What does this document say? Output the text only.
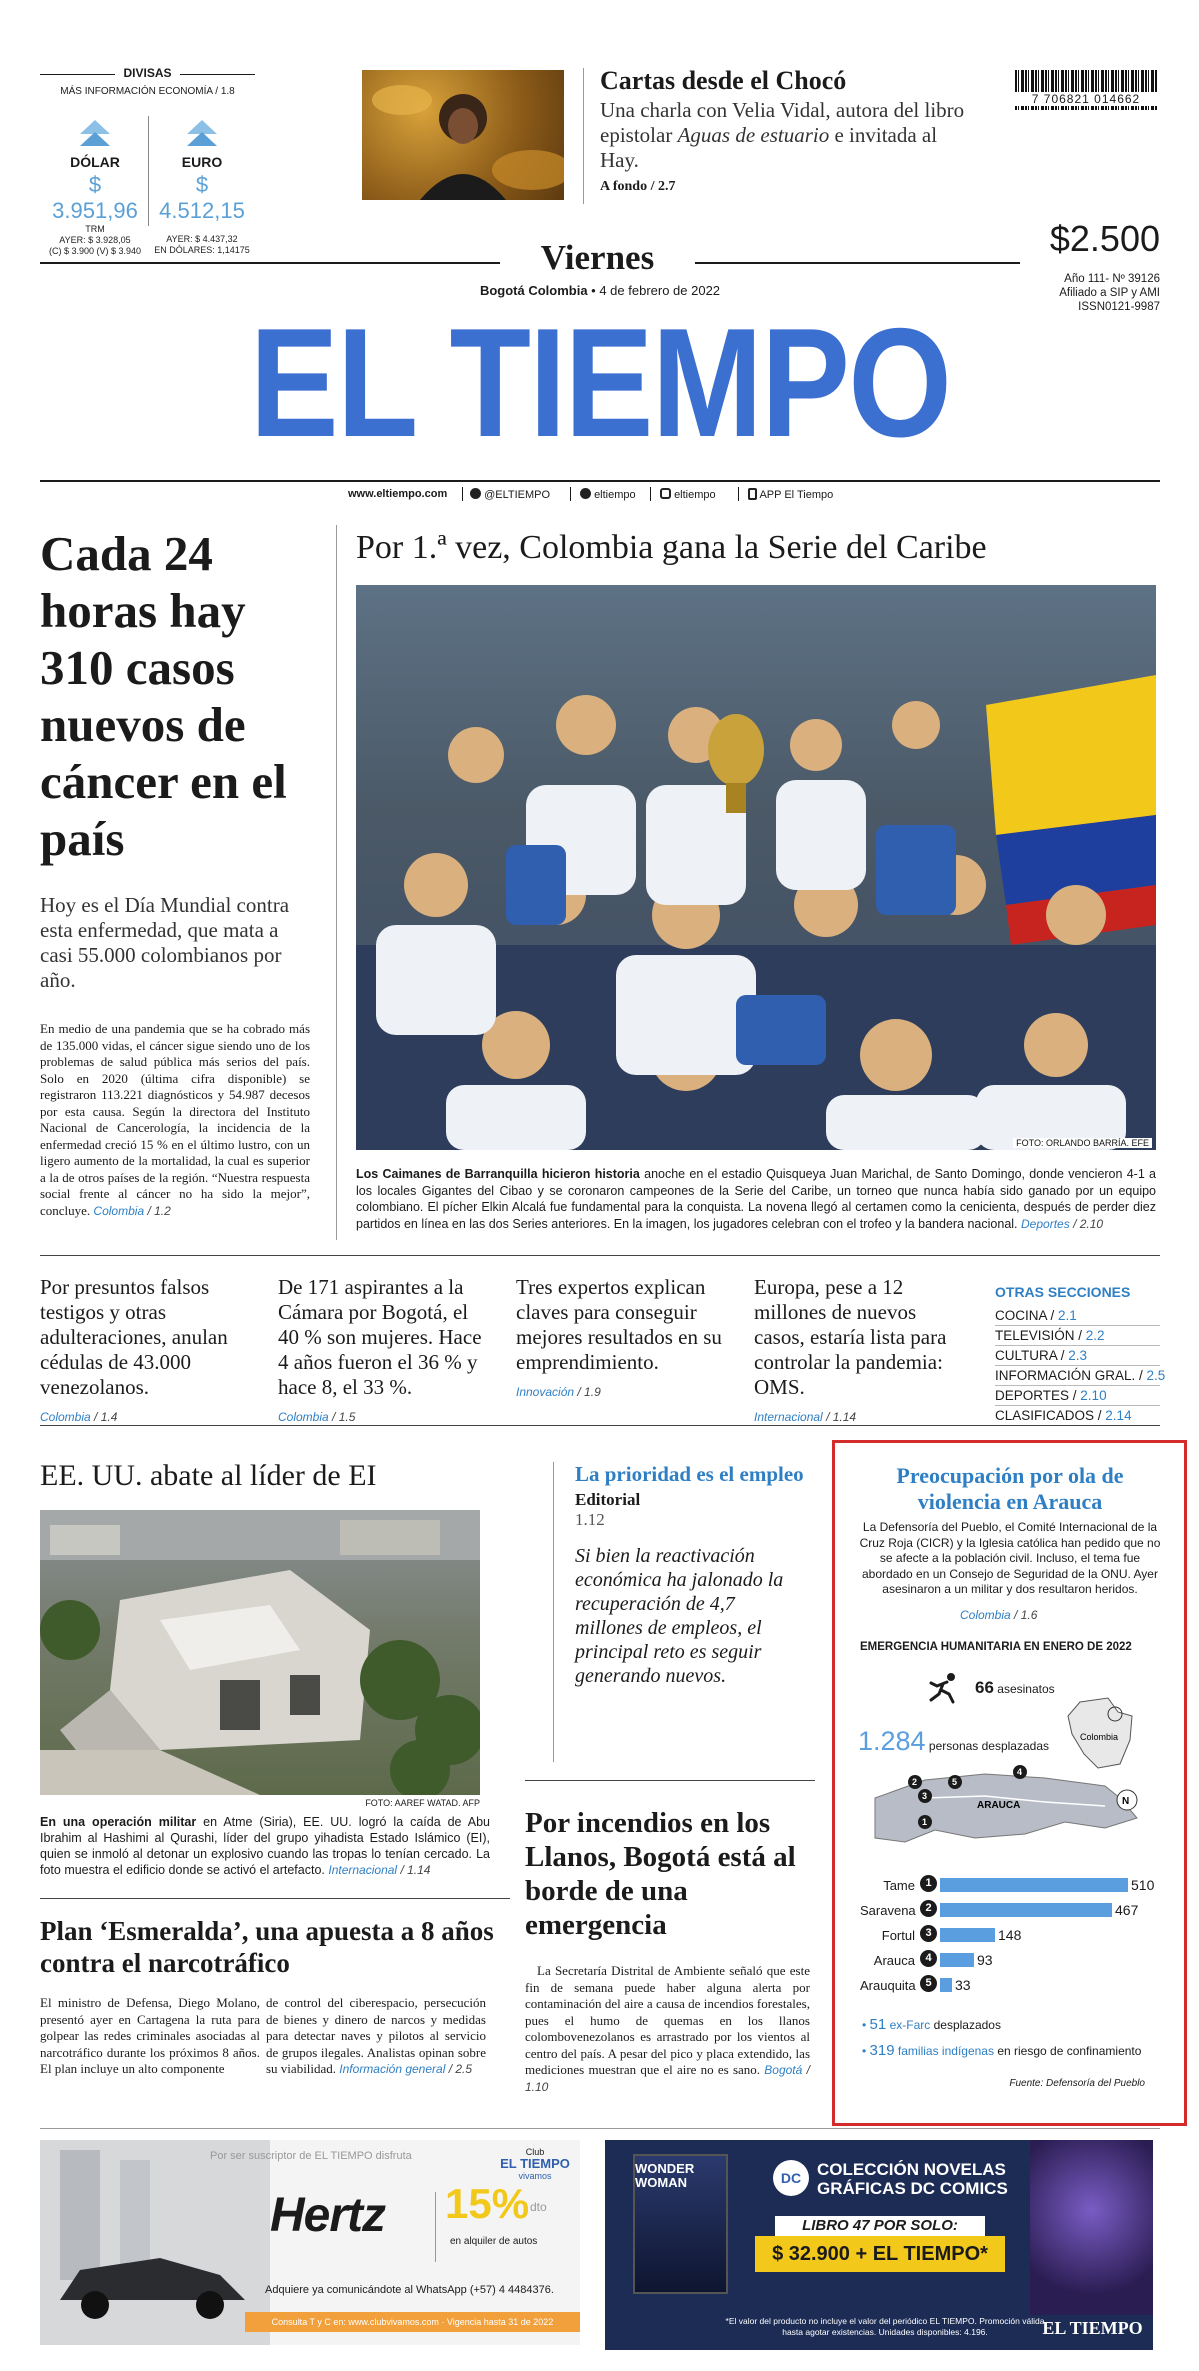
DIVISAS
MÁS INFORMACIÓN ECONOMÍA / 1.8
DÓLAR
$ 3.951,96
TRM
AYER: $ 3.928,05
(C) $ 3.900 (V) $ 3.940
EURO
$ 4.512,15
AYER: $ 4.437,32
EN DÓLARES: 1,14175
Cartas desde el Chocó
Una charla con Velia Vidal, autora del libro epistolar Aguas de estuario e invitada al Hay.
A fondo / 2.7
7 706821 014662
Viernes
Bogotá Colombia • 4 de febrero de 2022
$2.500
Año 111- Nº 39126
Afiliado a SIP y AMI
ISSN0121-9987
EL TIEMPO
www.eltiempo.com	@ELTIEMPO	eltiempo	eltiempo	APP El Tiempo
Cada 24 horas hay 310 casos nuevos de cáncer en el país
Hoy es el Día Mundial contra esta enfermedad, que mata a casi 55.000 colombianos por año.

En medio de una pandemia que se ha cobrado más de 135.000 vidas, el cáncer sigue siendo uno de los problemas de salud pública más serios del país. Solo en 2020 (última cifra disponible) se registraron 113.221 diagnósticos y 54.987 decesos por esta causa. Según la directora del Instituto Nacional de Cancerología, la incidencia de la enfermedad creció 15 % en el último lustro, con un ligero aumento de la mortalidad, la cual es superior a la de otros países de la región. “Nuestra respuesta social frente al cáncer no ha sido la mejor”, concluye. Colombia / 1.2

Por 1.ª vez, Colombia gana la Serie del Caribe
FOTO: ORLANDO BARRÍA. EFE

Los Caimanes de Barranquilla hicieron historia anoche en el estadio Quisqueya Juan Marichal, de Santo Domingo, donde vencieron 4-1 a los locales Gigantes del Cibao y se coronaron campeones de la Serie del Caribe, un torneo que nunca había sido ganado por un equipo colombiano. El pícher Elkin Alcalá fue fundamental para la conquista. La novena llegó al certamen como la cenicienta, después de perder diez partidos en línea en las dos Series anteriores. En la imagen, los jugadores celebran con el trofeo y la bandera nacional. Deportes / 2.10

Por presuntos falsos testigos y otras adulteraciones, anulan cédulas de 43.000 venezolanos.
Colombia / 1.4
De 171 aspirantes a la Cámara por Bogotá, el 40 % son mujeres. Hace 4 años fueron el 36 % y hace 8, el 33 %.
Colombia / 1.5
Tres expertos explican claves para conseguir mejores resultados en su emprendimiento.
Innovación / 1.9
Europa, pese a 12 millones de nuevos casos, estaría lista para controlar la pandemia: OMS.
Internacional / 1.14
OTRAS SECCIONES
COCINA / 2.1
TELEVISIÓN / 2.2
CULTURA / 2.3
INFORMACIÓN GRAL. / 2.5
DEPORTES / 2.10
CLASIFICADOS / 2.14
EE. UU. abate al líder de EI
FOTO: AAREF WATAD. AFP

En una operación militar en Atme (Siria), EE. UU. logró la caída de Abu Ibrahim al Hashimi al Qurashi, líder del grupo yihadista Estado Islámico (EI), quien se inmoló al detonar un explosivo cuando las tropas lo tenían cercado. La foto muestra el edificio donde se activó el artefacto. Internacional / 1.14

Plan ‘Esmeralda’, una apuesta a 8 años contra el narcotráfico

El ministro de Defensa, Diego Molano, presentó ayer en Cartagena la ruta para golpear las redes criminales asociadas al narcotráfico durante los próximos 8 años. El plan incluye un alto componente

de control del ciberespacio, persecución de bienes y dinero de narcos y medidas para detectar naves y pilotos al servicio de grupos ilegales. Analistas opinan sobre su viabilidad. Información general / 2.5

La prioridad es el empleo
Editorial
1.12
Si bien la reactivación económica ha jalonado la recuperación de 4,7 millones de empleos, el principal reto es seguir generando nuevos.
Por incendios en los Llanos, Bogotá está al borde de una emergencia

La Secretaría Distrital de Ambiente señaló que este fin de semana puede haber alguna alerta por contaminación del aire a causa de incendios forestales, pues el humo de quemas en los llanos colombovenezolanos es arrastrado por los vientos al centro del país. A pesar del pico y placa extendido, las mediciones muestran que el aire no es sano. Bogotá / 1.10

Preocupación por ola de violencia en Arauca
La Defensoría del Pueblo, el Comité Internacional de la Cruz Roja (CICR) y la Iglesia católica han pedido que no se afecte a la población civil. Incluso, el tema fue abordado en un Consejo de Seguridad de la ONU. Ayer asesinaron a un militar y dos resultaron heridos.
Colombia / 1.6
EMERGENCIA HUMANITARIA EN ENERO DE 2022
66 asesinatos
1.284 personas desplazadas
Colombia
2
3
5
4
1
ARAUCA	N
Tame 1	510
Saravena 2	467
Fortul 3	148
Arauca 4	93
Arauquita 5	33
• 51 ex-Farc desplazados
• 319 familias indígenas en riesgo de confinamiento
Fuente: Defensoría del Pueblo
Por ser suscriptor de EL TIEMPO disfruta	Club
EL TIEMPO
vivamos
Hertz 15% dto
en alquiler de autos
Adquiere ya comunicándote al WhatsApp (+57) 4 4484376.
Consulta T y C en: www.clubvivamos.com · Vigencia hasta 31 de 2022
WONDER WOMAN	DC COLECCIÓN NOVELAS
GRÁFICAS DC COMICS
LIBRO 47 POR SOLO:
$ 32.900 + EL TIEMPO*
*El valor del producto no incluye el valor del periódico EL TIEMPO. Promoción válida hasta agotar existencias. Unidades disponibles: 4.196.	EL TIEMPO
